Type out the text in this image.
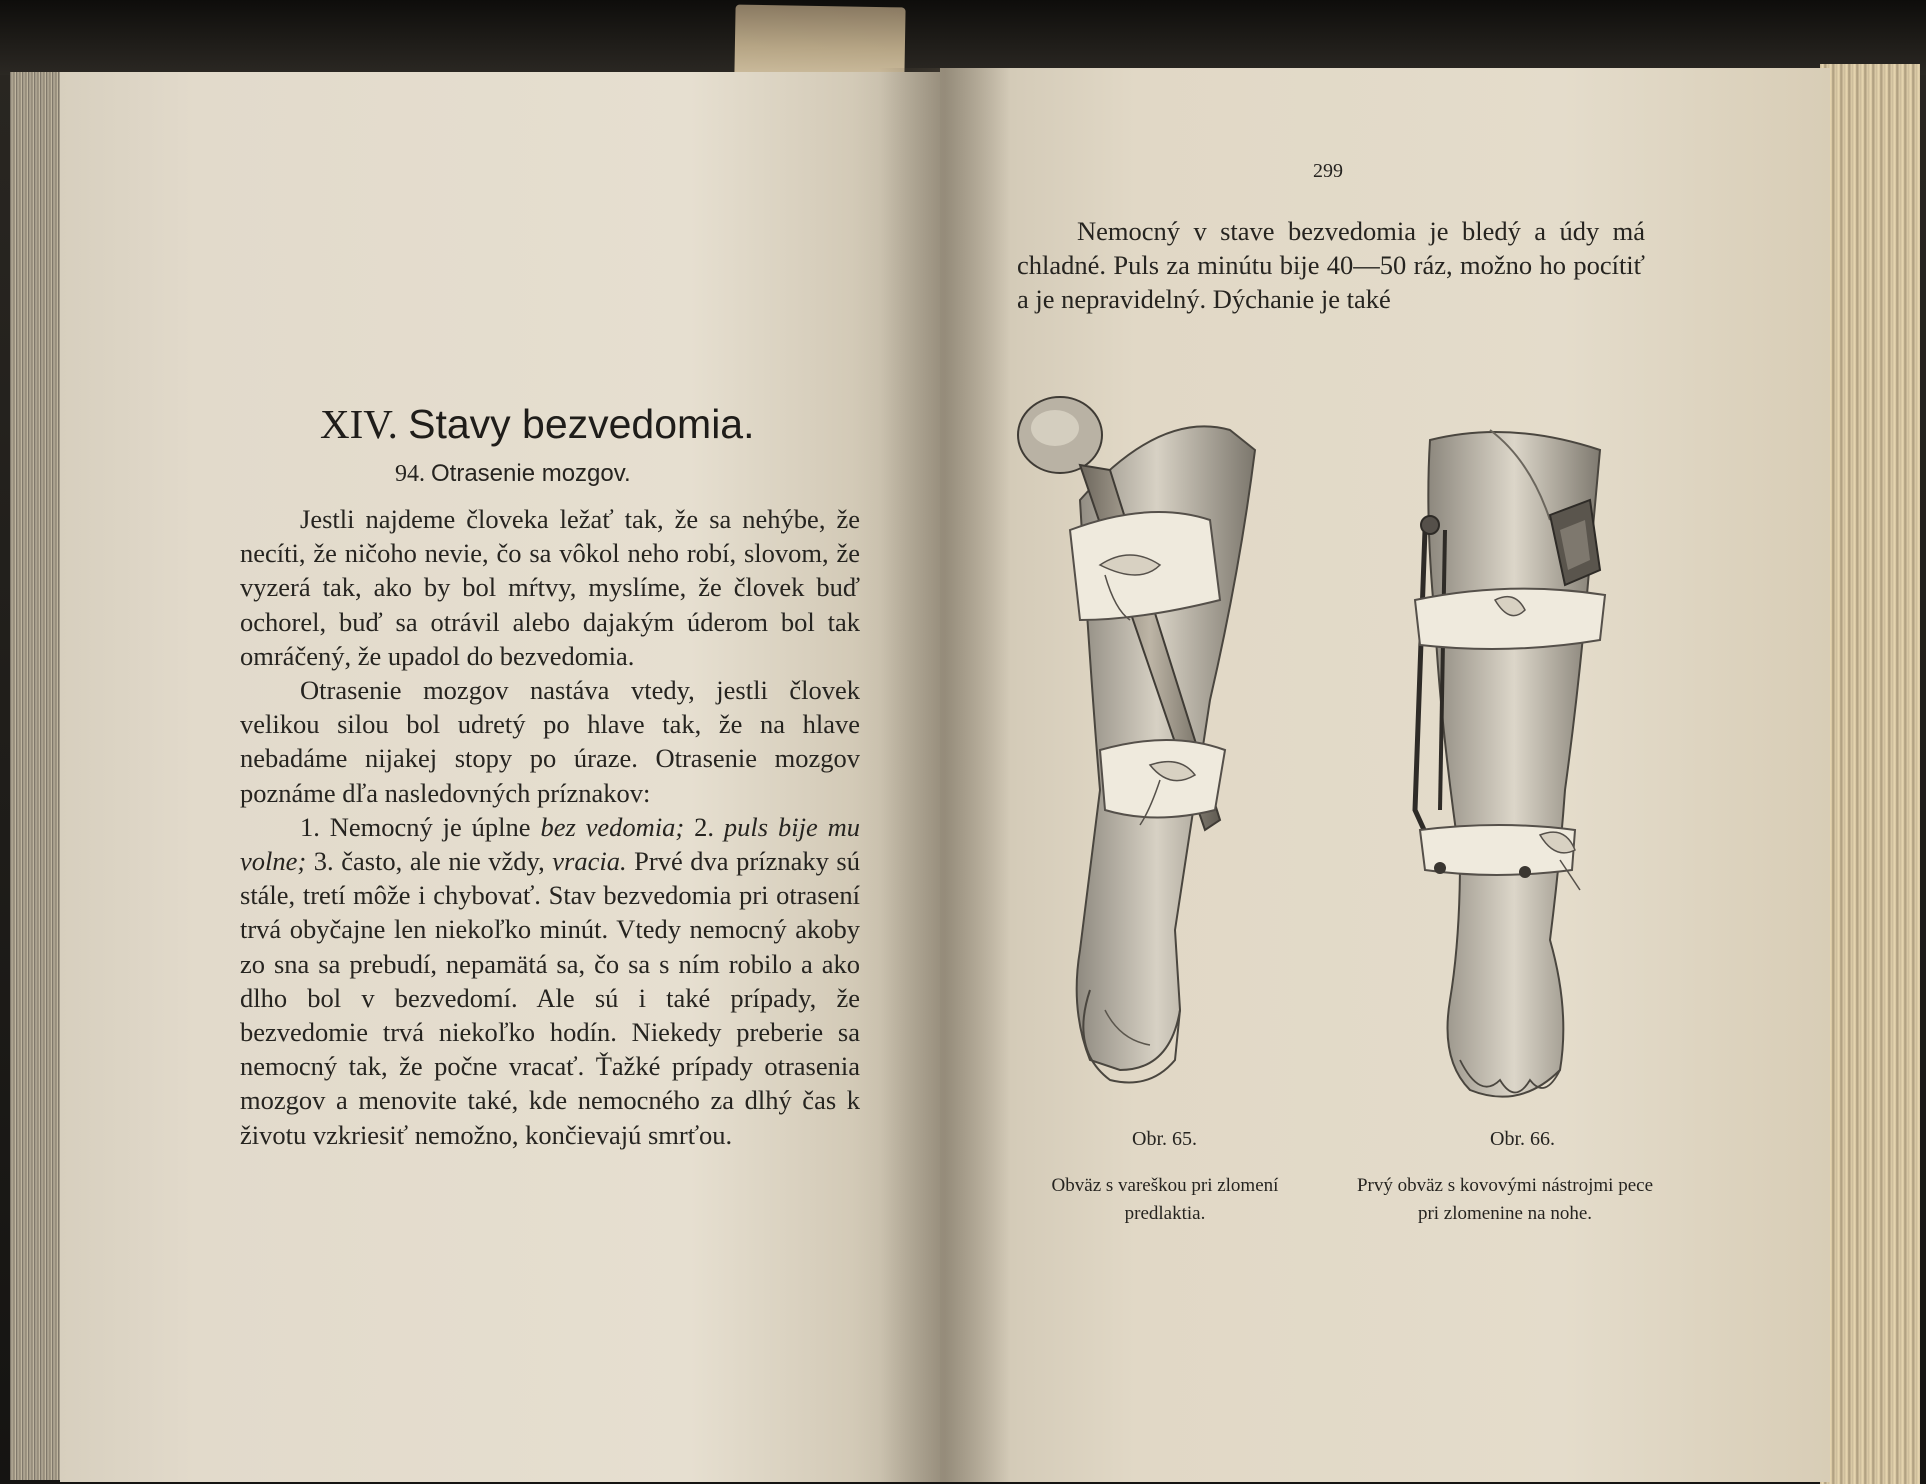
XIV. Stavy bezvedomia.
94. Otrasenie mozgov.

Jestli najdeme človeka ležať tak, že sa nehýbe, že necíti, že ničoho nevie, čo sa vôkol neho robí, slovom, že vyzerá tak, ako by bol mŕtvy, myslíme, že človek buď ochorel, buď sa otrávil alebo dajakým úderom bol tak omráčený, že upadol do bezvedomia.

Otrasenie mozgov nastáva vtedy, jestli človek velikou silou bol udretý po hlave tak, že na hlave nebadáme nijakej stopy po úraze. Otrasenie mozgov poznáme dľa nasledovných príznakov:

1. Nemocný je úplne bez vedomia; 2. puls bije mu volne; 3. často, ale nie vždy, vracia. Prvé dva príznaky sú stále, tretí môže i chybovať. Stav bezvedomia pri otrasení trvá obyčajne len niekoľko minút. Vtedy nemocný akoby zo sna sa prebudí, nepamätá sa, čo sa s ním robilo a ako dlho bol v bezvedomí. Ale sú i také prípady, že bezvedomie trvá niekoľko hodín. Niekedy preberie sa nemocný tak, že počne vracať. Ťažké prípady otrasenia mozgov a menovite také, kde nemocného za dlhý čas k životu vzkriesiť nemožno, končievajú smrťou.

299

Nemocný v stave bezvedomia je bledý a údy má chladné. Puls za minútu bije 40—50 ráz, možno ho pocítiť a je nepravidelný. Dýchanie je také

Obr. 65.	Obr. 66.
Obväz s vareškou pri zlomení predlaktia.
Prvý obväz s kovovými nástrojmi pece pri zlomenine na nohe.
